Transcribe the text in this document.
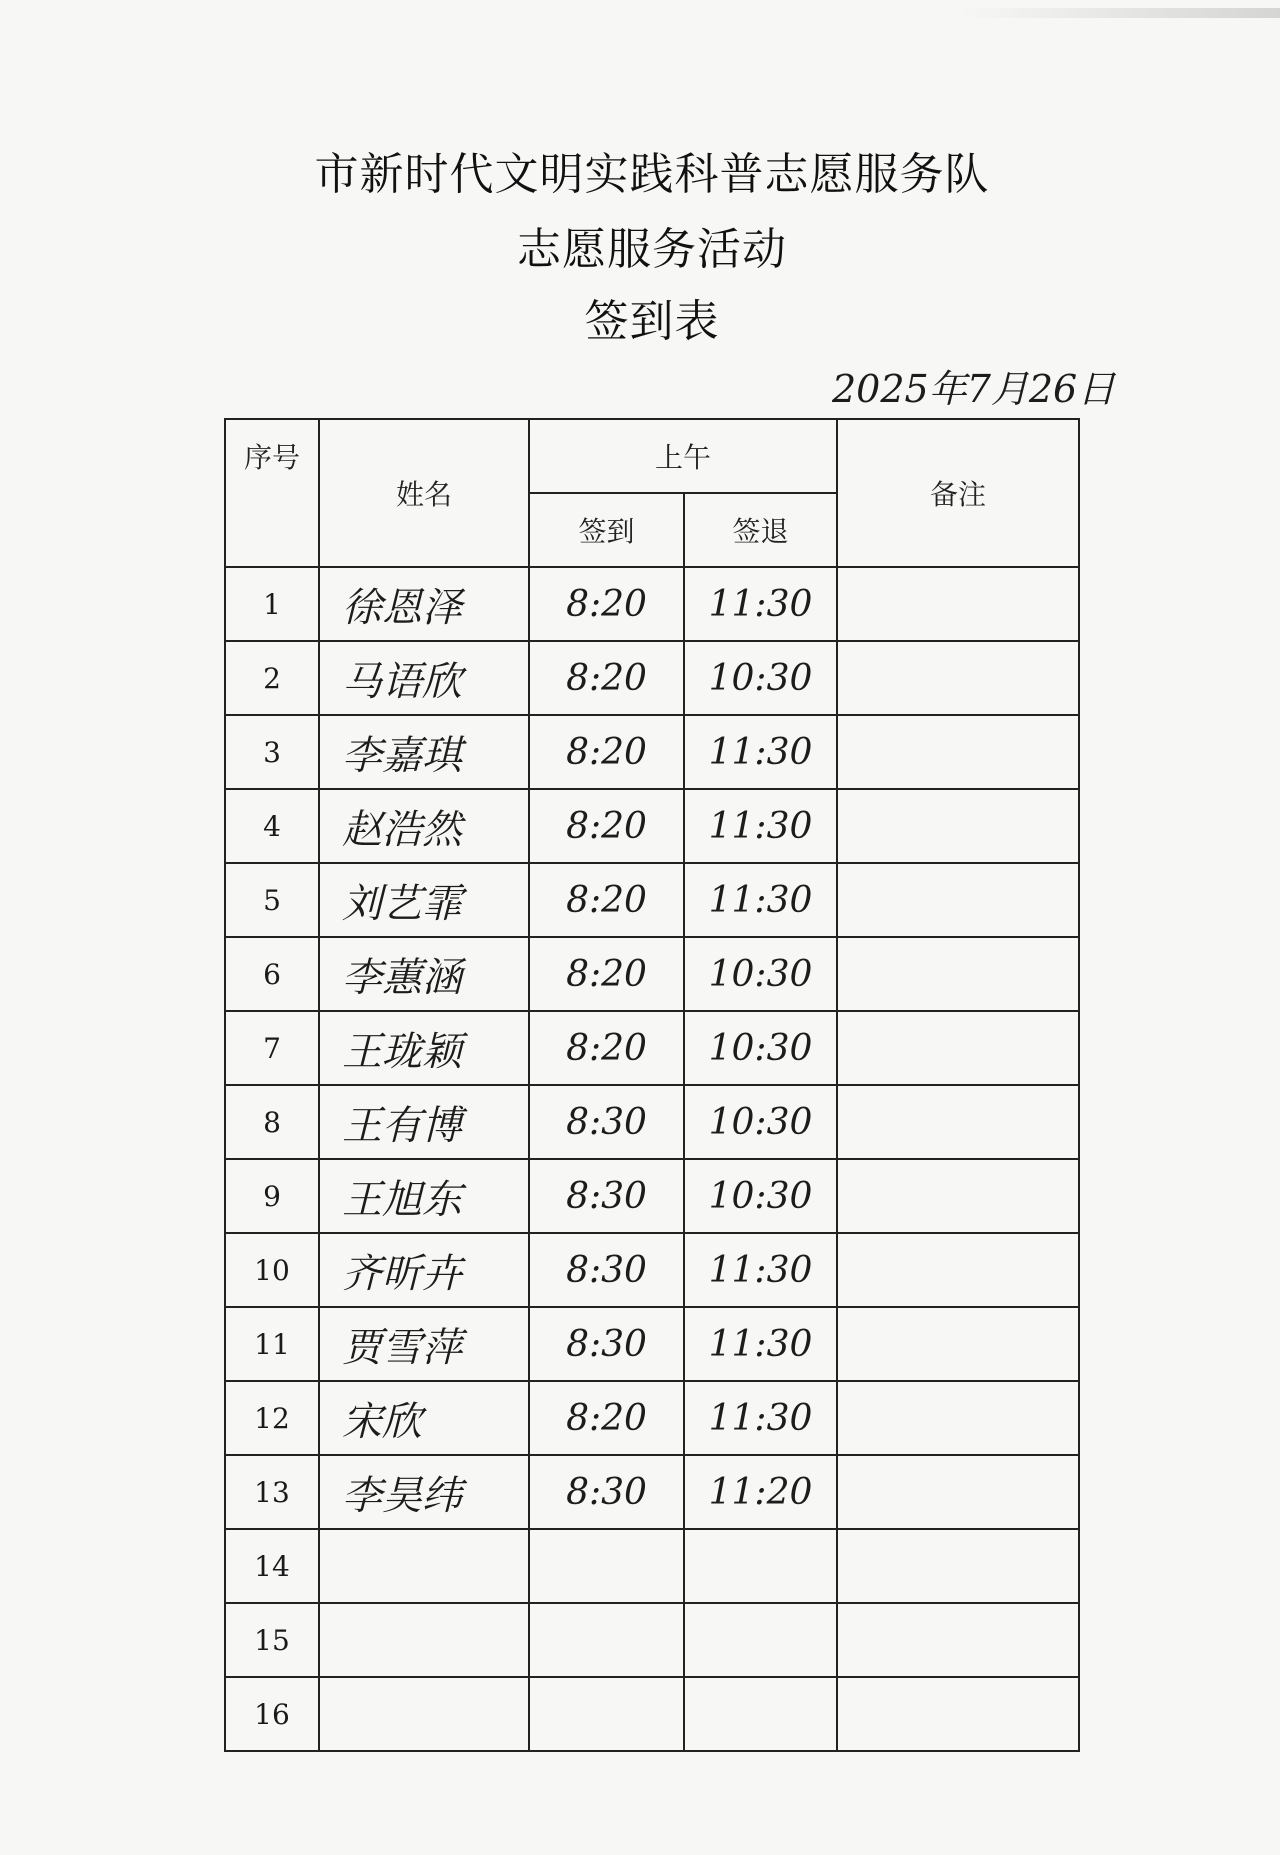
市新时代文明实践科普志愿服务队
志愿服务活动
签到表
2025年7月26日
序号	姓名	上午		备注
		签到	签退	
1	徐恩泽	8:20	11:30	
2	马语欣	8:20	10:30	
3	李嘉琪	8:20	11:30	
4	赵浩然	8:20	11:30	
5	刘艺霏	8:20	11:30	
6	李蕙涵	8:20	10:30	
7	王珑颖	8:20	10:30	
8	王有博	8:30	10:30	
9	王旭东	8:30	10:30	
10	齐昕卉	8:30	11:30	
11	贾雪萍	8:30	11:30	
12	宋欣	8:20	11:30	
13	李昊纬	8:30	11:20	
14				
15				
16				
